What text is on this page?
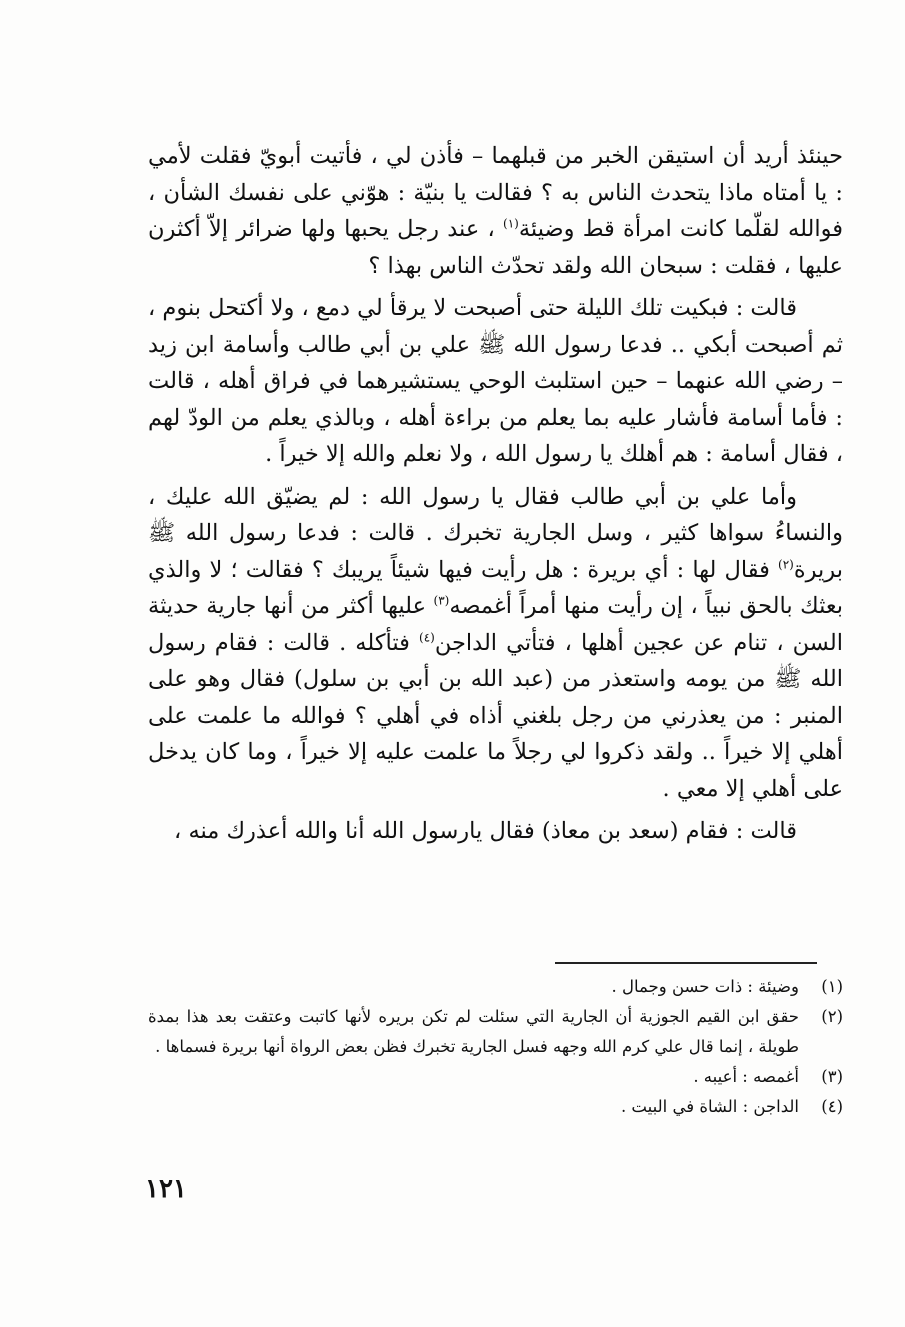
حينئذ أريد أن استيقن الخبر من قبلهما – فأذن لي ، فأتيت أبويّ فقلت لأمي : يا أمتاه ماذا يتحدث الناس به ؟ فقالت يا بنيّة : هوّني على نفسك الشأن ، فوالله لقلّما كانت امرأة قط وضيئة$^{(١)}$ ، عند رجل يحبها ولها ضرائر إلاّ أكثرن عليها ، فقلت : سبحان الله ولقد تحدّث الناس بهذا ؟

قالت : فبكيت تلك الليلة حتى أصبحت لا يرقأ لي دمع ، ولا أكتحل بنوم ، ثم أصبحت أبكي .. فدعا رسول الله ﷺ علي بن أبي طالب وأسامة ابن زيد – رضي الله عنهما – حين استلبث الوحي يستشيرهما في فراق أهله ، قالت : فأما أسامة فأشار عليه بما يعلم من براءة أهله ، وبالذي يعلم من الودّ لهم ، فقال أسامة : هم أهلك يا رسول الله ، ولا نعلم والله إلا خيراً .

وأما علي بن أبي طالب فقال يا رسول الله : لم يضيّق الله عليك ، والنساءُ سواها كثير ، وسل الجارية تخبرك . قالت : فدعا رسول الله ﷺ بريرة$^{(٢)}$ فقال لها : أي بريرة : هل رأيت فيها شيئاً يريبك ؟ فقالت ؛ لا والذي بعثك بالحق نبياً ، إن رأيت منها أمراً أغمصه$^{(٣)}$ عليها أكثر من أنها جارية حديثة السن ، تنام عن عجين أهلها ، فتأتي الداجن$^{(٤)}$ فتأكله . قالت : فقام رسول الله ﷺ من يومه واستعذر من (عبد الله بن أبي بن سلول) فقال وهو على المنبر : من يعذرني من رجل بلغني أذاه في أهلي ؟ فوالله ما علمت على أهلي إلا خيراً .. ولقد ذكروا لي رجلاً ما علمت عليه إلا خيراً ، وما كان يدخل على أهلي إلا معي .

قالت : فقام (سعد بن معاذ) فقال يارسول الله أنا والله أعذرك منه ،

(١)
وضيئة : ذات حسن وجمال .
(٢)
حقق ابن القيم الجوزية أن الجارية التي سئلت لم تكن بريره لأنها كاتبت وعتقت بعد هذا بمدة طويلة ، إنما قال علي كرم الله وجهه فسل الجارية تخبرك فظن بعض الرواة أنها بريرة فسماها .
(٣)
أغمصه : أعيبه .
(٤)
الداجن : الشاة في البيت .
١٢١
